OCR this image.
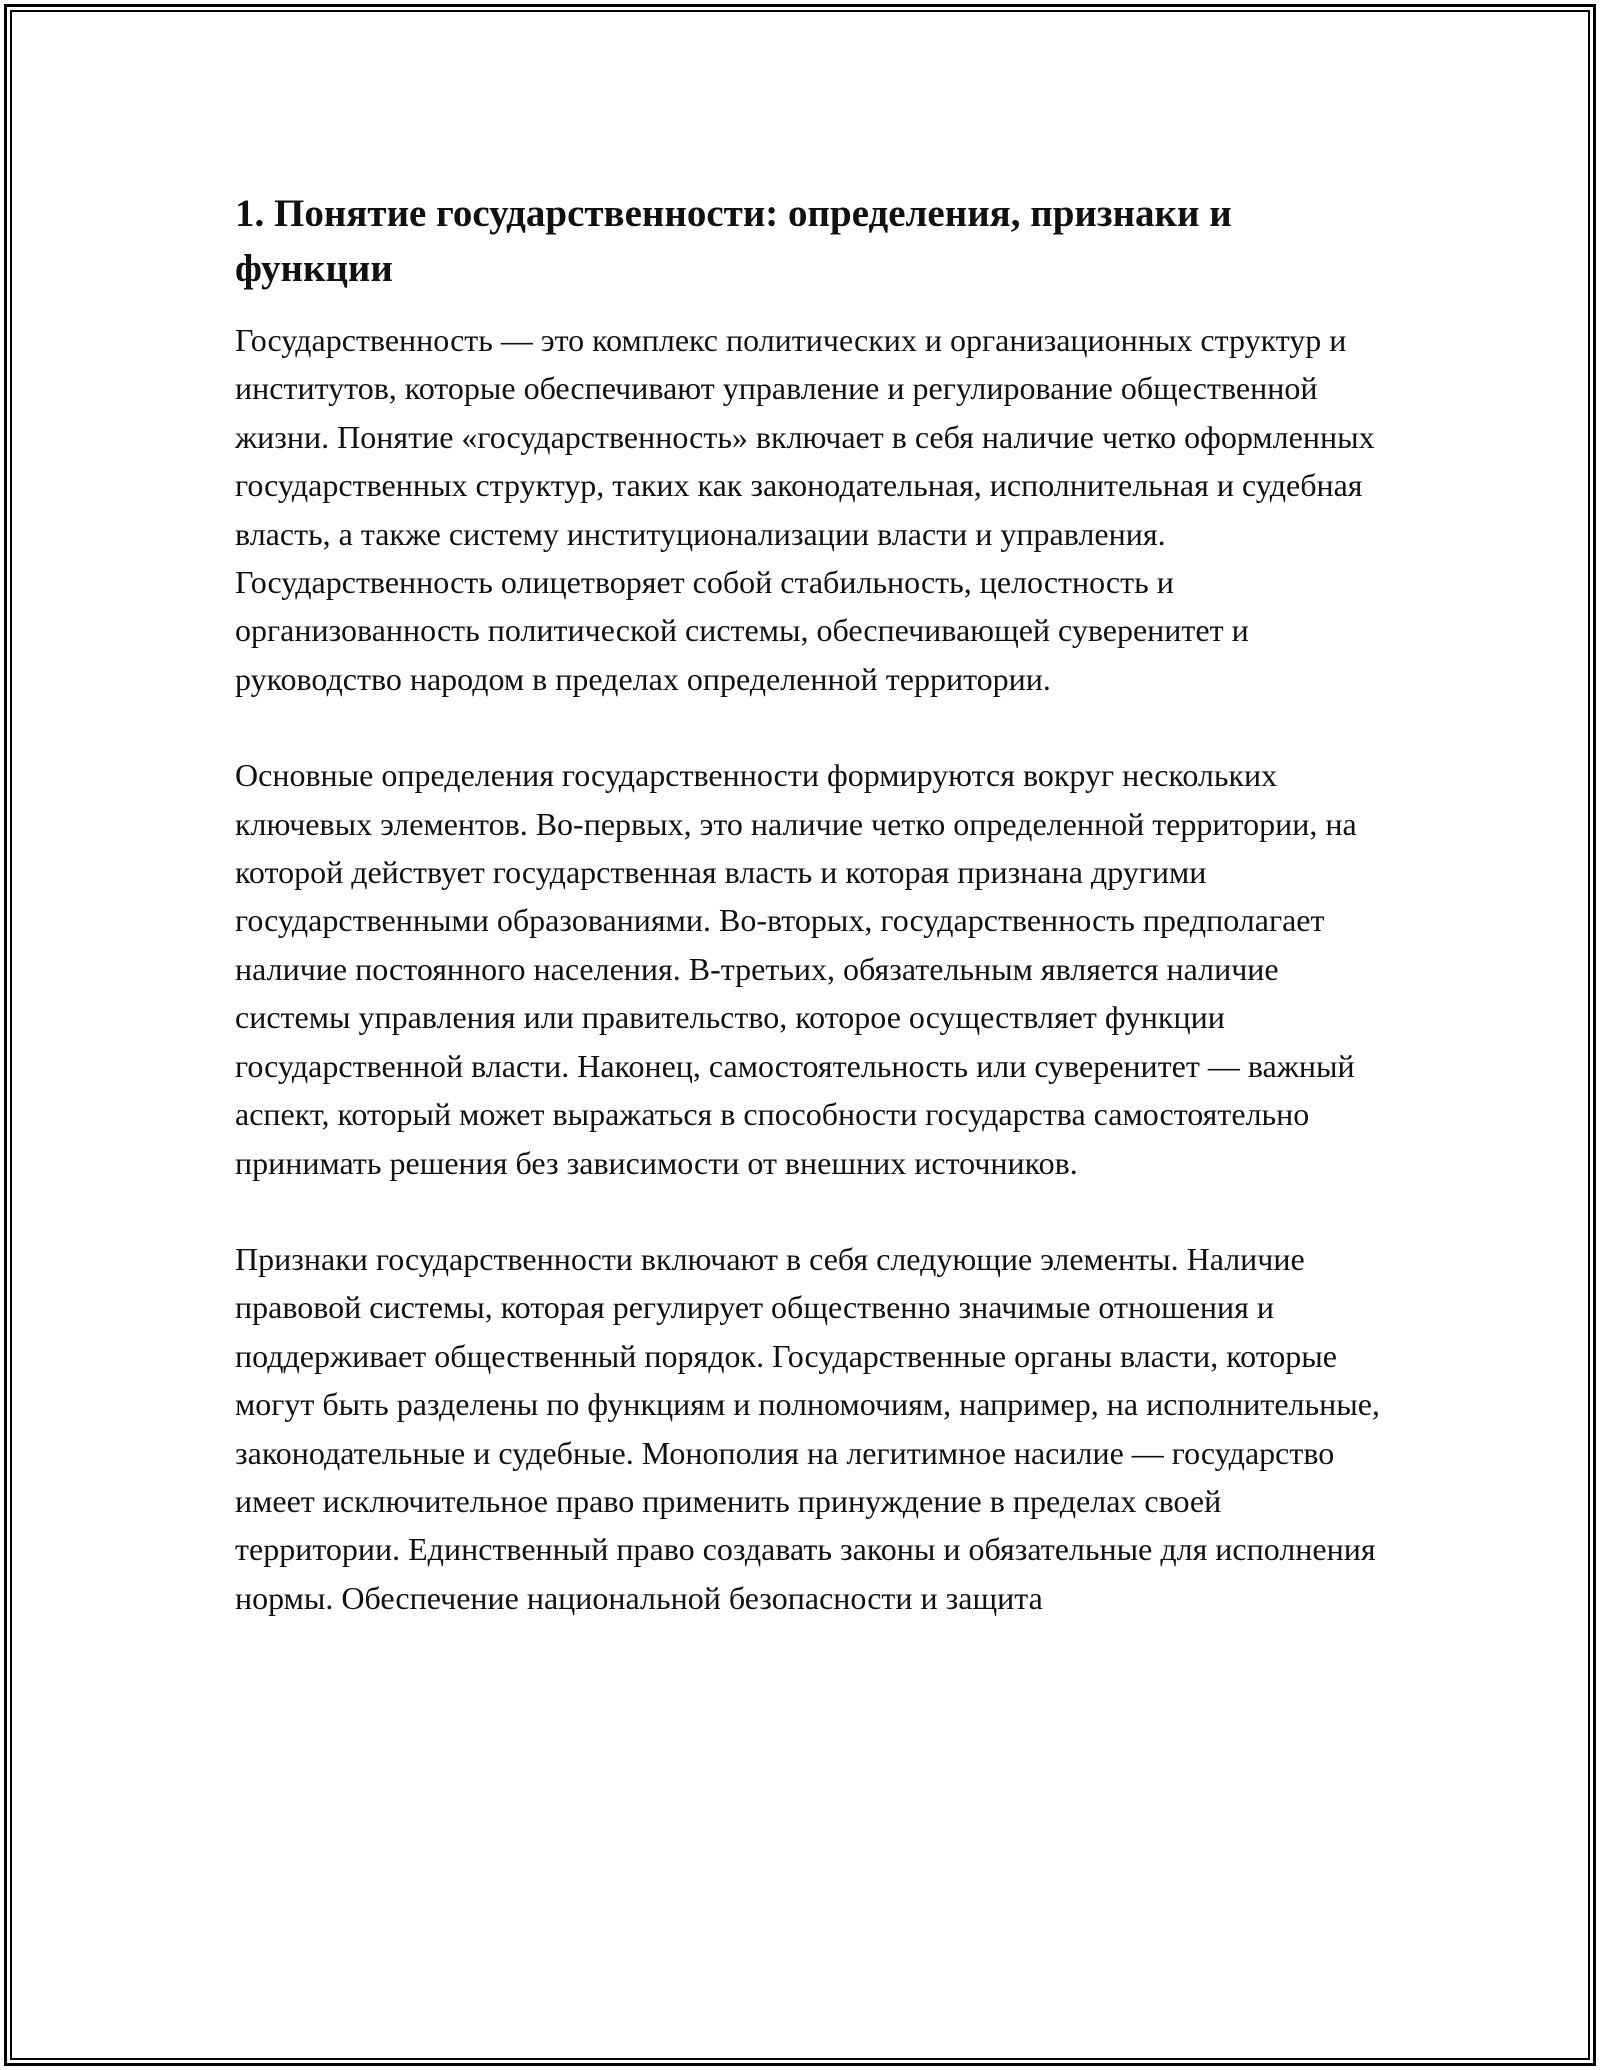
1. Понятие государственности: определения, признаки и функции

Государственность — это комплекс политических и организационных структур и институтов, которые обеспечивают управление и регулирование общественной жизни. Понятие «государственность» включает в себя наличие четко оформленных государственных структур, таких как законодательная, исполнительная и судебная власть, а также систему институционализации власти и управления. Государственность олицетворяет собой стабильность, целостность и организованность политической системы, обеспечивающей суверенитет и руководство народом в пределах определенной территории.

Основные определения государственности формируются вокруг нескольких ключевых элементов. Во-первых, это наличие четко определенной территории, на которой действует государственная власть и которая признана другими государственными образованиями. Во-вторых, государственность предполагает наличие постоянного населения. В-третьих, обязательным является наличие системы управления или правительство, которое осуществляет функции государственной власти. Наконец, самостоятельность или суверенитет — важный аспект, который может выражаться в способности государства самостоятельно принимать решения без зависимости от внешних источников.

Признаки государственности включают в себя следующие элементы. Наличие правовой системы, которая регулирует общественно значимые отношения и поддерживает общественный порядок. Государственные органы власти, которые могут быть разделены по функциям и полномочиям, например, на исполнительные, законодательные и судебные. Монополия на легитимное насилие — государство имеет исключительное право применить принуждение в пределах своей территории. Единственный право создавать законы и обязательные для исполнения нормы. Обеспечение национальной безопасности и защита
